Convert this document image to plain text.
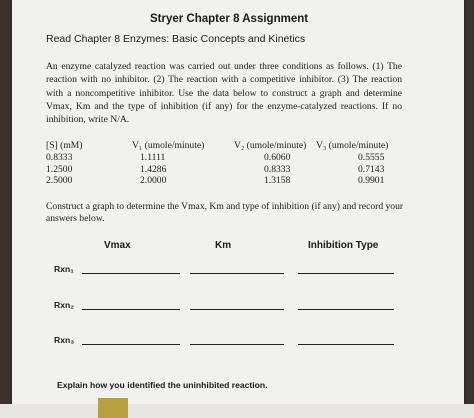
Stryer Chapter 8 Assignment
Read Chapter 8 Enzymes: Basic Concepts and Kinetics
An enzyme catalyzed reaction was carried out under three conditions as follows. (1) The reaction with no inhibitor. (2) The reaction with a competitive inhibitor. (3) The reaction with a noncompetitive inhibitor. Use the data below to construct a graph and determine Vmax, Km and the type of inhibition (if any) for the enzyme-catalyzed reactions. If no inhibition, write N/A.
[S] (mM)
0.8333
1.2500
2.5000
V₁ (umole/minute)
1.1111
1.4286
2.0000
V₂ (umole/minute)
0.6060
0.8333
1.3158
V₃ (umole/minute)
0.5555
0.7143
0.9901
Construct a graph to determine the Vmax, Km and type of inhibition (if any) and record your answers below.
Vmax	Km	Inhibition Type
Rxn₁
Rxn₂
Rxn₃
Explain how you identified the uninhibited reaction.
